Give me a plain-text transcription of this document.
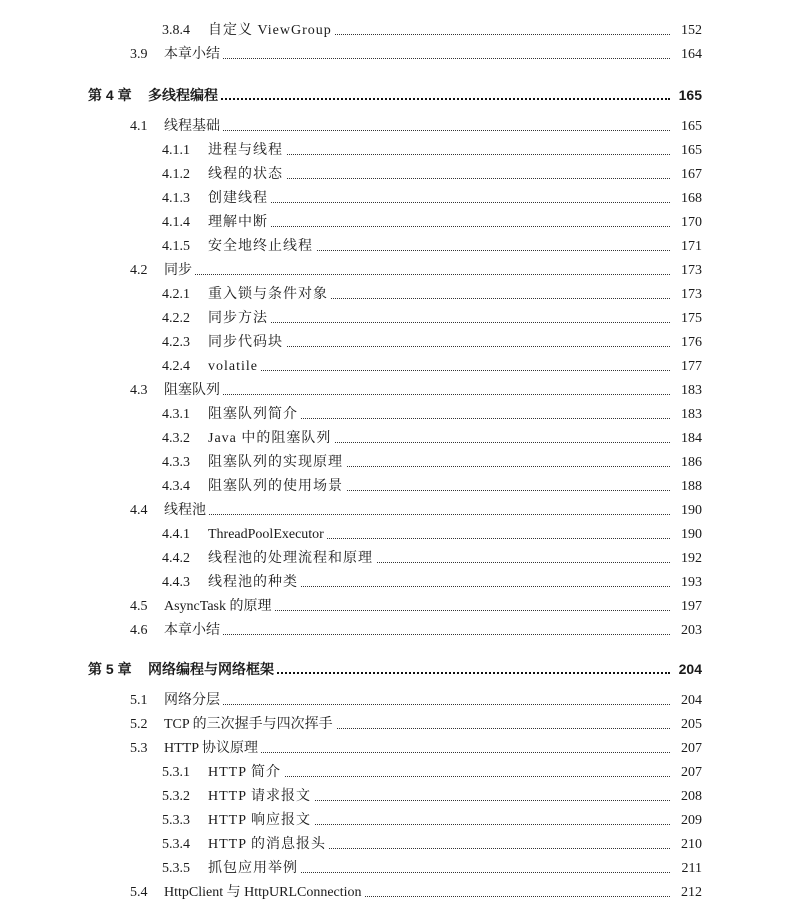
3.8.4 自定义 ViewGroup	152
3.9 本章小结	164
第 4 章 多线程编程	165
4.1 线程基础	165
4.1.1 进程与线程	165
4.1.2 线程的状态	167
4.1.3 创建线程	168
4.1.4 理解中断	170
4.1.5 安全地终止线程	171
4.2 同步	173
4.2.1 重入锁与条件对象	173
4.2.2 同步方法	175
4.2.3 同步代码块	176
4.2.4 volatile	177
4.3 阻塞队列	183
4.3.1 阻塞队列简介	183
4.3.2 Java 中的阻塞队列	184
4.3.3 阻塞队列的实现原理	186
4.3.4 阻塞队列的使用场景	188
4.4 线程池	190
4.4.1 ThreadPoolExecutor	190
4.4.2 线程池的处理流程和原理	192
4.4.3 线程池的种类	193
4.5 AsyncTask 的原理	197
4.6 本章小结	203
第 5 章 网络编程与网络框架	204
5.1 网络分层	204
5.2 TCP 的三次握手与四次挥手	205
5.3 HTTP 协议原理	207
5.3.1 HTTP 简介	207
5.3.2 HTTP 请求报文	208
5.3.3 HTTP 响应报文	209
5.3.4 HTTP 的消息报头	210
5.3.5 抓包应用举例	211
5.4 HttpClient 与 HttpURLConnection	212
